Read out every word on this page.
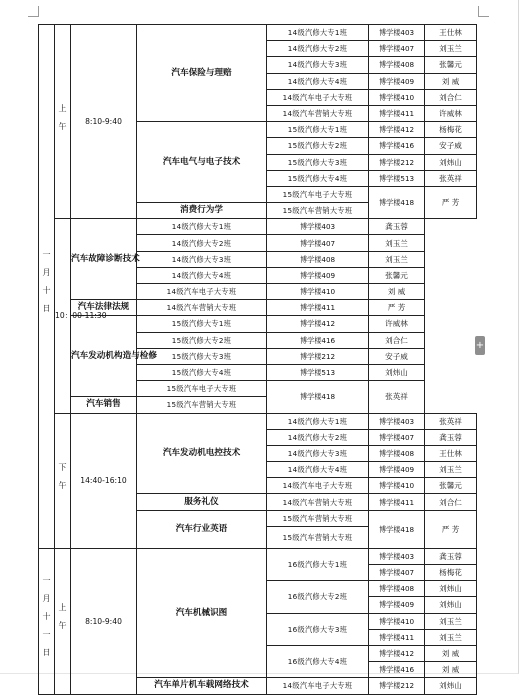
一月十日	上午	8:10-9:40	汽车保险与理赔	14级汽修大专1班	博学楼403	王仕林
				14级汽修大专2班	博学楼407	刘玉兰
				14级汽修大专3班	博学楼408	张馨元
				14级汽修大专4班	博学楼409	刘 威
				14级汽车电子大专班	博学楼410	刘合仁
				14级汽车营销大专班	博学楼411	许威林
			汽车电气与电子技术	15级汽修大专1班	博学楼412	杨梅花
				15级汽修大专2班	博学楼416	安子威
				15级汽修大专3班	博学楼212	刘炜山
				15级汽修大专4班	博学楼513	张英祥
				15级汽车电子大专班	博学楼418	严 芳
			消费行为学	15级汽车营销大专班		
	10：00-11:30	汽车故障诊断技术	14级汽修大专1班	博学楼403	龚玉蓉	
			14级汽修大专2班	博学楼407	刘玉兰	
			14级汽修大专3班	博学楼408	刘玉兰	
			14级汽修大专4班	博学楼409	张馨元	
			14级汽车电子大专班	博学楼410	刘 威	
		汽车法律法规	14级汽车营销大专班	博学楼411	严 芳	
		汽车发动机构造与检修	15级汽修大专1班	博学楼412	许威林	
			15级汽修大专2班	博学楼416	刘合仁	
			15级汽修大专3班	博学楼212	安子威	
			15级汽修大专4班	博学楼513	刘炜山	
			15级汽车电子大专班	博学楼418	张英祥	
		汽车销售	15级汽车营销大专班			
	下午	14:40-16:10	汽车发动机电控技术	14级汽修大专1班	博学楼403	张英祥
				14级汽修大专2班	博学楼407	龚玉蓉
				14级汽修大专3班	博学楼408	王仕林
				14级汽修大专4班	博学楼409	刘玉兰
				14级汽车电子大专班	博学楼410	张馨元
			服务礼仪	14级汽车营销大专班	博学楼411	刘合仁
			汽车行业英语	15级汽车营销大专班	博学楼418	严 芳
				15级汽车营销大专班		
一月十一日	上午	8:10-9:40	汽车机械识图	16级汽修大专1班	博学楼403	龚玉蓉
					博学楼407	杨梅花
				16级汽修大专2班	博学楼408	刘炜山
					博学楼409	刘炜山
				16级汽修大专3班	博学楼410	刘玉兰
					博学楼411	刘玉兰
				16级汽修大专4班	博学楼412	刘 威
					博学楼416	刘 威
			汽车单片机车载网络技术	14级汽车电子大专班	博学楼212	刘炜山
+
